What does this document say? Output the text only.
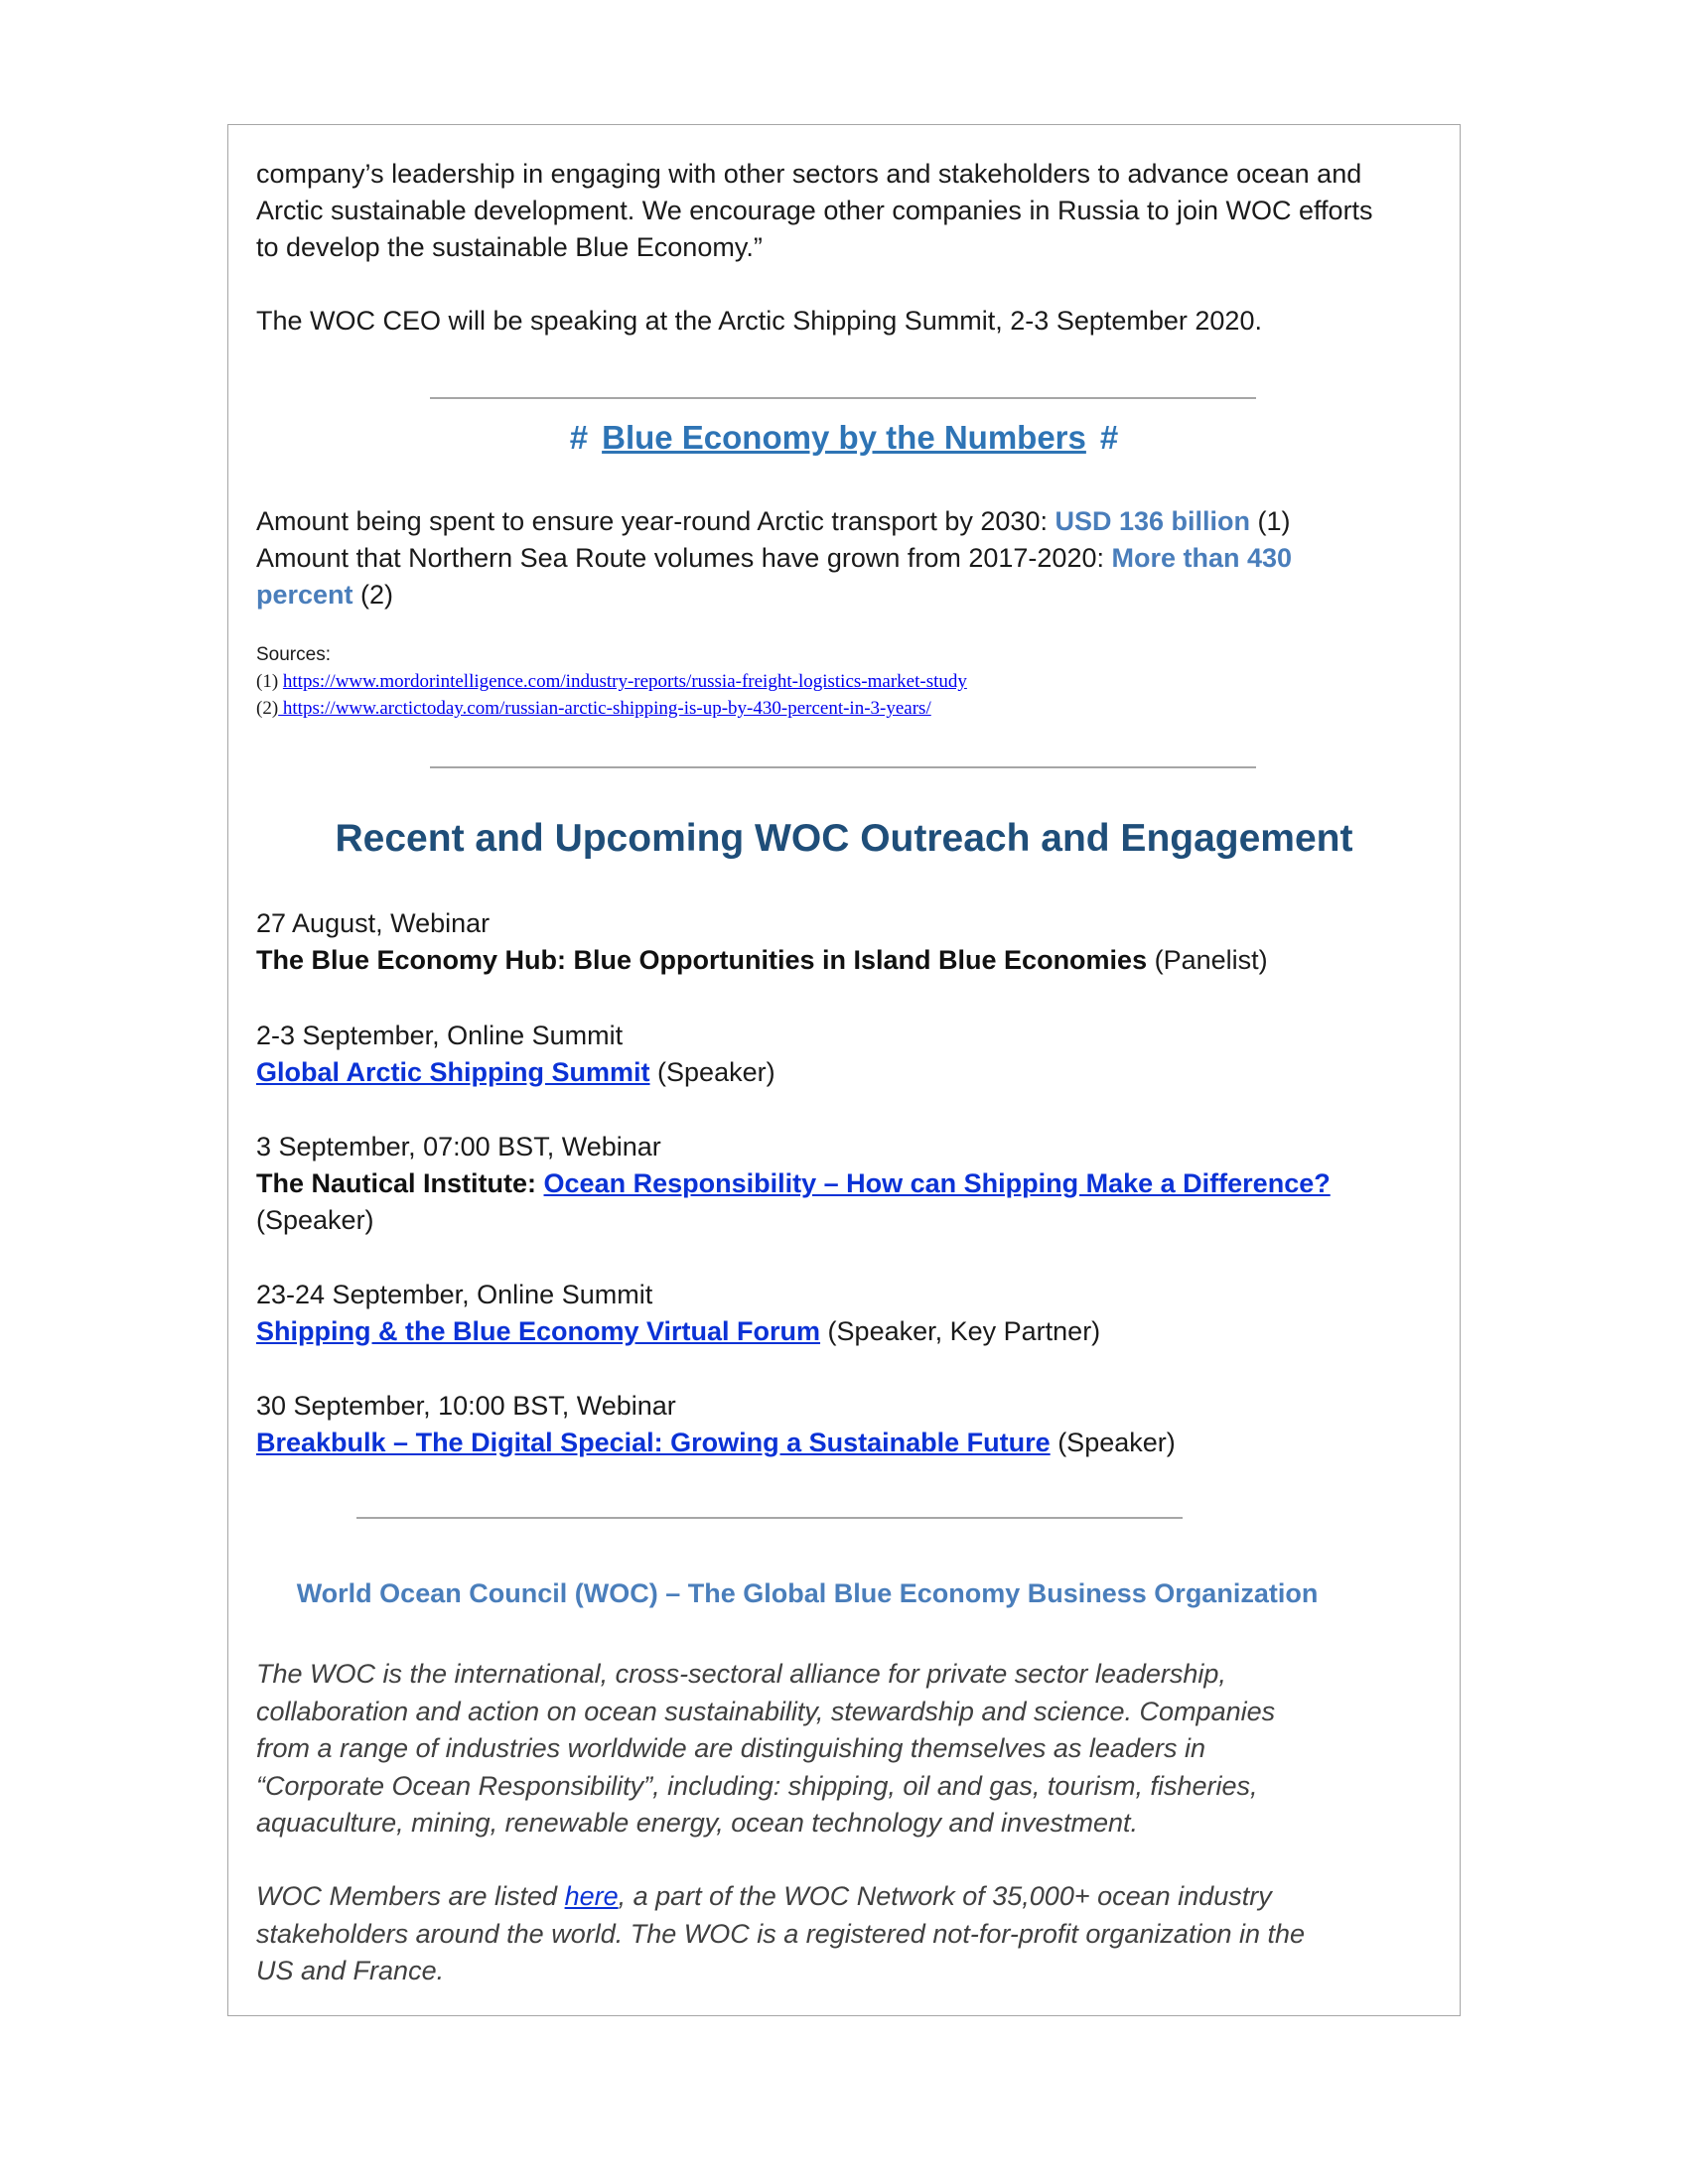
company’s leadership in engaging with other sectors and stakeholders to advance ocean and
Arctic sustainable development. We encourage other companies in Russia to join WOC efforts
to develop the sustainable Blue Economy.”
The WOC CEO will be speaking at the Arctic Shipping Summit, 2-3 September 2020.
# Blue Economy by the Numbers #
Amount being spent to ensure year-round Arctic transport by 2030: USD 136 billion (1)
Amount that Northern Sea Route volumes have grown from 2017-2020: More than 430
percent (2)
Sources:
(1) https://www.mordorintelligence.com/industry-reports/russia-freight-logistics-market-study
(2) https://www.arctictoday.com/russian-arctic-shipping-is-up-by-430-percent-in-3-years/
Recent and Upcoming WOC Outreach and Engagement
27 August, Webinar
The Blue Economy Hub: Blue Opportunities in Island Blue Economies (Panelist)
2-3 September, Online Summit
Global Arctic Shipping Summit (Speaker)
3 September, 07:00 BST, Webinar
The Nautical Institute: Ocean Responsibility – How can Shipping Make a Difference?
(Speaker)
23-24 September, Online Summit
Shipping & the Blue Economy Virtual Forum (Speaker, Key Partner)
30 September, 10:00 BST, Webinar
Breakbulk – The Digital Special: Growing a Sustainable Future (Speaker)
World Ocean Council (WOC) – The Global Blue Economy Business Organization
The WOC is the international, cross-sectoral alliance for private sector leadership,
collaboration and action on ocean sustainability, stewardship and science. Companies
from a range of industries worldwide are distinguishing themselves as leaders in
“Corporate Ocean Responsibility”, including: shipping, oil and gas, tourism, fisheries,
aquaculture, mining, renewable energy, ocean technology and investment.
WOC Members are listed here, a part of the WOC Network of 35,000+ ocean industry
stakeholders around the world. The WOC is a registered not-for-profit organization in the
US and France.
